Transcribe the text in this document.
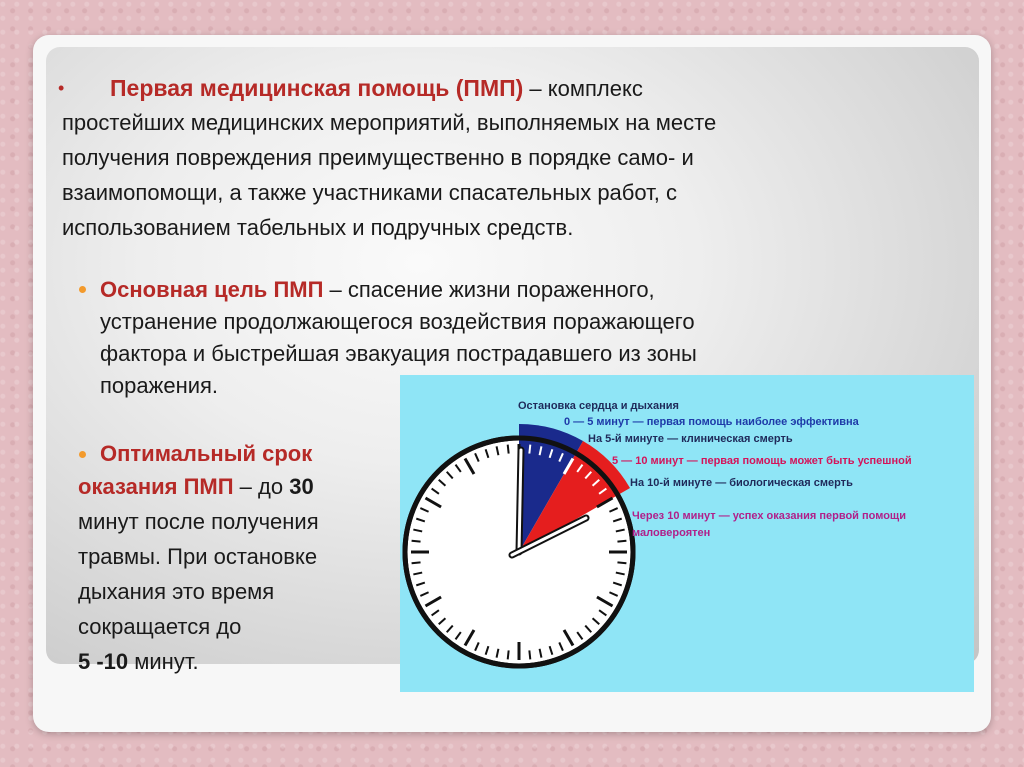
• Первая медицинская помощь (ПМП) – комплекс

простейших медицинских мероприятий, выполняемых на месте

получения повреждения преимущественно в порядке само- и

взаимопомощи, а также участниками спасательных работ, с

использованием табельных и подручных средств.

Основная цель ПМП – спасение жизни пораженного,

устранение продолжающегося воздействия поражающего

фактора и быстрейшая эвакуация пострадавшего из зоны

поражения.

Оптимальный срок

оказания ПМП – до 30

минут после получения

травмы. При остановке

дыхания это время

сокращается до

5 -10 минут.

Остановка сердца и дыхания
0 — 5 минут — первая помощь наиболее эффективна
На 5-й минуте — клиническая смерть
5 — 10 минут — первая помощь может быть успешной
На 10-й минуте — биологическая смерть
Через 10 минут — успех оказания первой помощи
маловероятен
